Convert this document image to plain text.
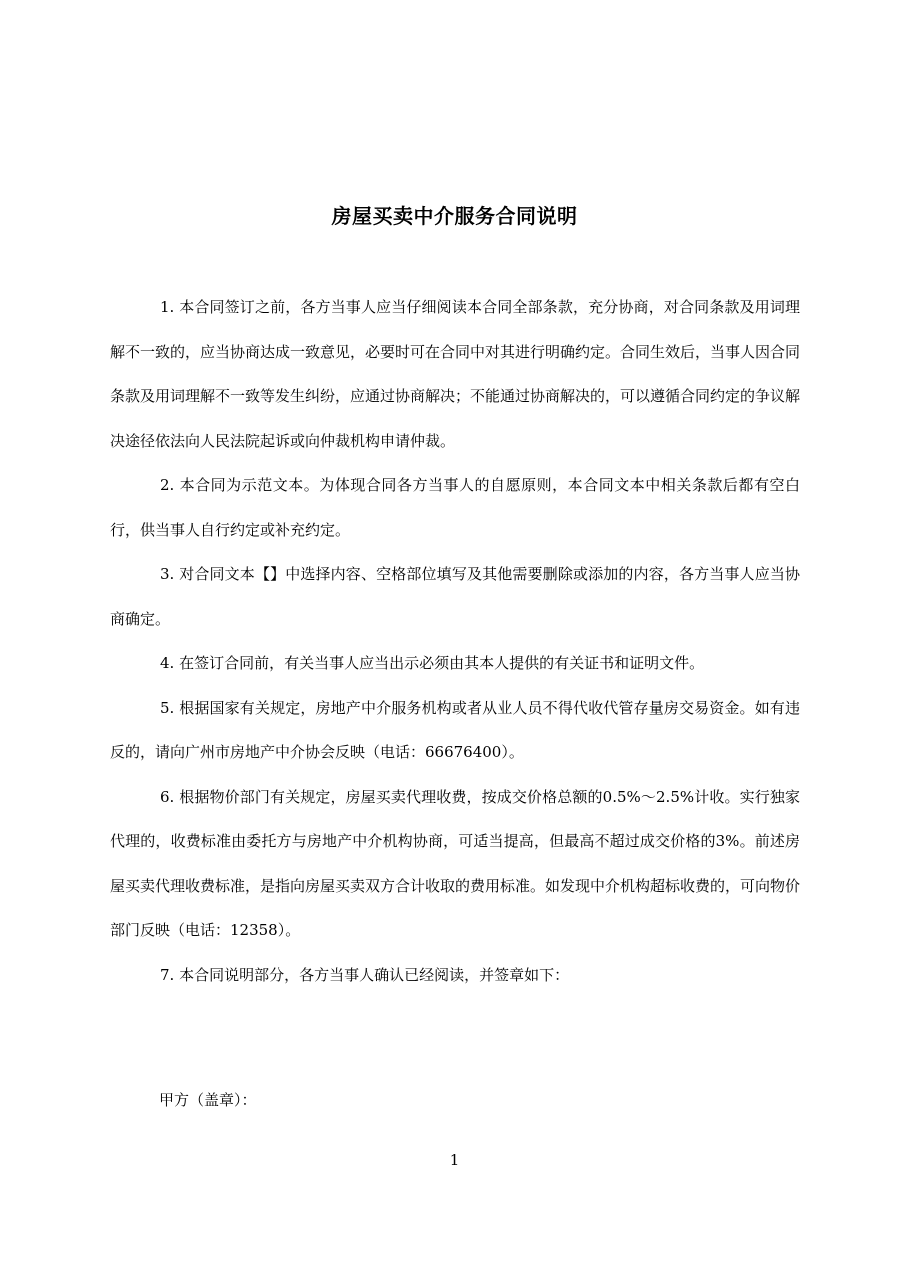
房屋买卖中介服务合同说明

1. 本合同签订之前，各方当事人应当仔细阅读本合同全部条款，充分协商，对合同条款及用词理解不一致的，应当协商达成一致意见，必要时可在合同中对其进行明确约定。合同生效后，当事人因合同条款及用词理解不一致等发生纠纷，应通过协商解决；不能通过协商解决的，可以遵循合同约定的争议解决途径依法向人民法院起诉或向仲裁机构申请仲裁。

2. 本合同为示范文本。为体现合同各方当事人的自愿原则，本合同文本中相关条款后都有空白行，供当事人自行约定或补充约定。

3. 对合同文本【】中选择内容、空格部位填写及其他需要删除或添加的内容，各方当事人应当协商确定。

4. 在签订合同前，有关当事人应当出示必须由其本人提供的有关证书和证明文件。

5. 根据国家有关规定，房地产中介服务机构或者从业人员不得代收代管存量房交易资金。如有违反的，请向广州市房地产中介协会反映（电话：66676400）。

6. 根据物价部门有关规定，房屋买卖代理收费，按成交价格总额的0.5%～2.5%计收。实行独家代理的，收费标准由委托方与房地产中介机构协商，可适当提高，但最高不超过成交价格的3%。前述房屋买卖代理收费标准，是指向房屋买卖双方合计收取的费用标准。如发现中介机构超标收费的，可向物价部门反映（电话：12358）。

7. 本合同说明部分，各方当事人确认已经阅读，并签章如下：

甲方（盖章）：
1
